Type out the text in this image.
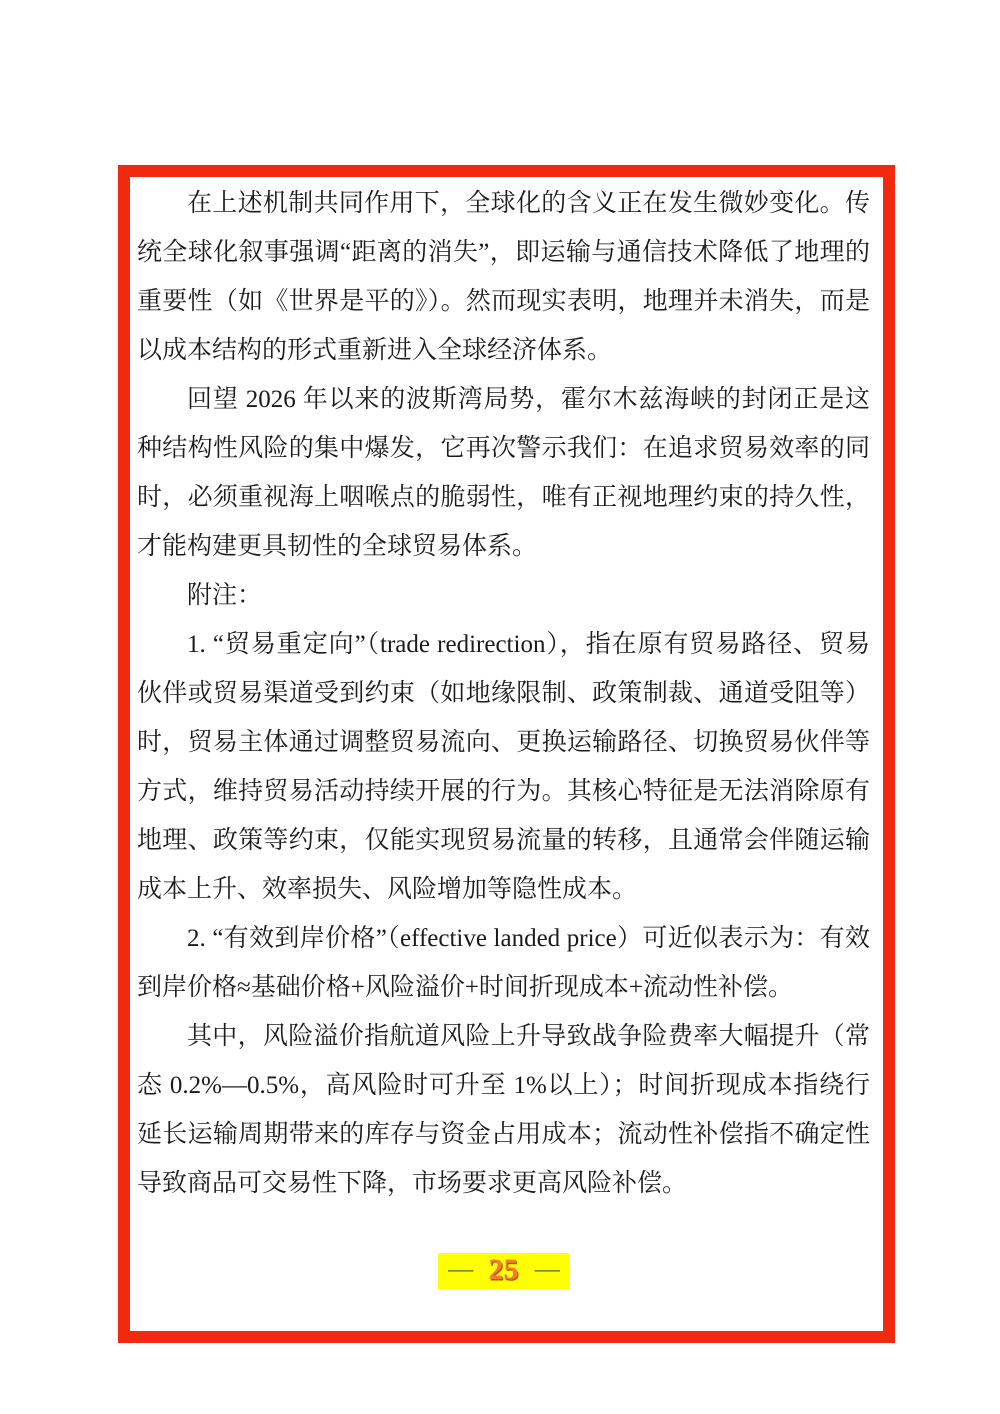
在上述机制共同作用下，全球化的含义正在发生微妙变化。传统全球化叙事强调“距离的消失”，即运输与通信技术降低了地理的重要性（如《世界是平的》）。然而现实表明，地理并未消失，而是以成本结构的形式重新进入全球经济体系。

回望 2026 年以来的波斯湾局势，霍尔木兹海峡的封闭正是这种结构性风险的集中爆发，它再次警示我们：在追求贸易效率的同时，必须重视海上咽喉点的脆弱性，唯有正视地理约束的持久性，才能构建更具韧性的全球贸易体系。

附注：

1. “贸易重定向”（trade redirection），指在原有贸易路径、贸易伙伴或贸易渠道受到约束（如地缘限制、政策制裁、通道受阻等）时，贸易主体通过调整贸易流向、更换运输路径、切换贸易伙伴等方式，维持贸易活动持续开展的行为。其核心特征是无法消除原有地理、政策等约束，仅能实现贸易流量的转移，且通常会伴随运输成本上升、效率损失、风险增加等隐性成本。

2. “有效到岸价格”（effective landed price）可近似表示为：有效到岸价格≈基础价格+风险溢价+时间折现成本+流动性补偿。

其中，风险溢价指航道风险上升导致战争险费率大幅提升（常态 0.2%—0.5%，高风险时可升至 1%以上）；时间折现成本指绕行延长运输周期带来的库存与资金占用成本；流动性补偿指不确定性导致商品可交易性下降，市场要求更高风险补偿。

— 25 —
